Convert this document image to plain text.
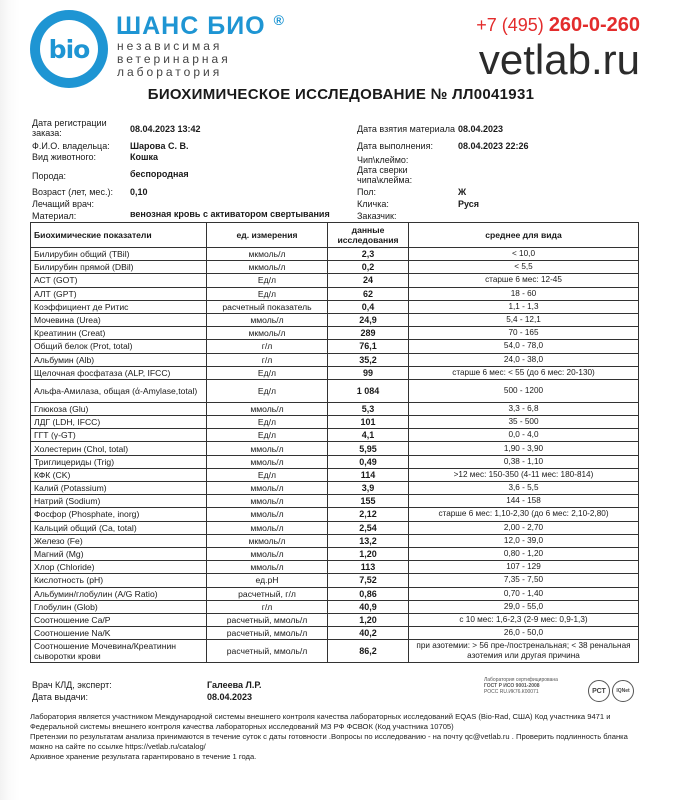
bio
ШАНС БИО ®
независимая
ветеринарная
лаборатория
+7 (495) 260-0-260
vetlab.ru
БИОХИМИЧЕСКОЕ ИССЛЕДОВАНИЕ № ЛЛ0041931
Дата регистрации
заказа:	08.04.2023 13:42
Ф.И.О. владельца: Шарова С. В.
Вид животного:	Кошка
Порода:	беспородная
Возраст (лет, мес.): 0,10
Лечащий врач:
Материал:	венозная кровь с активатором свертывания
Дата взятия материала 08.04.2023
Дата выполнения:	08.04.2023 22:26
Чип\клеймо:
Дата сверки
чипа\клейма:
Пол:	Ж
Кличка:	Руся
Заказчик:
Биохимические показатели	ед. измерения	данные исследования	среднее для вида
Билирубин общий (TBil)	мкмоль/л	2,3	< 10,0
Билирубин прямой (DBil)	мкмоль/л	0,2	< 5,5
АСТ (GOT)	Ед/л	24	старше 6 мес: 12-45
АЛТ (GPT)	Ед/л	62	18 - 60
Коэффициент де Ритис	расчетный показатель	0,4	1,1 - 1,3
Мочевина (Urea)	ммоль/л	24,9	5,4 - 12,1
Креатинин (Creat)	мкмоль/л	289	70 - 165
Общий белок (Prot, total)	г/л	76,1	54,0 - 78,0
Альбумин (Alb)	г/л	35,2	24,0 - 38,0
Щелочная фосфатаза (ALP, IFCC)	Ед/л	99	старше 6 мес: < 55 (до 6 мес: 20-130)
Альфа-Амилаза, общая (ά-Amylase,total)	Ед/л	1 084	500 - 1200
Глюкоза (Glu)	ммоль/л	5,3	3,3 - 6,8
ЛДГ (LDH, IFCC)	Ед/л	101	35 - 500
ГГТ (γ-GT)	Ед/л	4,1	0,0 - 4,0
Холестерин (Chol, total)	ммоль/л	5,95	1,90 - 3,90
Триглицериды (Trig)	ммоль/л	0,49	0,38 - 1,10
КФК (CK)	Ед/л	114	>12 мес: 150-350 (4-11 мес: 180-814)
Калий (Potassium)	ммоль/л	3,9	3,6 - 5,5
Натрий (Sodium)	ммоль/л	155	144 - 158
Фосфор (Phosphate, inorg)	ммоль/л	2,12	старше 6 мес: 1,10-2,30 (до 6 мес: 2,10-2,80)
Кальций общий (Ca, total)	ммоль/л	2,54	2,00 - 2,70
Железо (Fe)	мкмоль/л	13,2	12,0 - 39,0
Магний (Mg)	ммоль/л	1,20	0,80 - 1,20
Хлор (Chloride)	ммоль/л	113	107 - 129
Кислотность (pH)	ед.pH	7,52	7,35 - 7,50
Альбумин/глобулин (A/G Ratio)	расчетный, г/л	0,86	0,70 - 1,40
Глобулин (Glob)	г/л	40,9	29,0 - 55,0
Соотношение Ca/P	расчетный, ммоль/л	1,20	с 10 мес: 1,6-2,3 (2-9 мес: 0,9-1,3)
Соотношение Na/K	расчетный, ммоль/л	40,2	26,0 - 50,0
Соотношение Мочевина/Креатинин сыворотки крови	расчетный, ммоль/л	86,2	при азотемии: > 56 пре-/постренальная; < 38 ренальная азотемия или другая причина
Врач КЛД, эксперт:	Галеева Л.Р.
Дата выдачи:	08.04.2023
Лаборатория сертифицирована
ГОСТ Р ИСО 9001-2008
РОСС RU.ИК76.К00071	РСТ	IQNet
Лаборатория является участником Международной системы внешнего контроля качества лабораторных исследований EQAS (Bio-Rad, США) Код участника 9471 и Федеральной системы внешнего контроля качества лабораторных исследований МЗ РФ ФСВОК (Код участника 10705)
Претензии по результатам анализа принимаются в течение суток с даты готовности .Вопросы по исследованию - на почту qc@vetlab.ru . Проверить подлинность бланка можно на сайте по ссылке https://vetlab.ru/catalog/
Архивное хранение результата гарантировано в течение 1 года.
